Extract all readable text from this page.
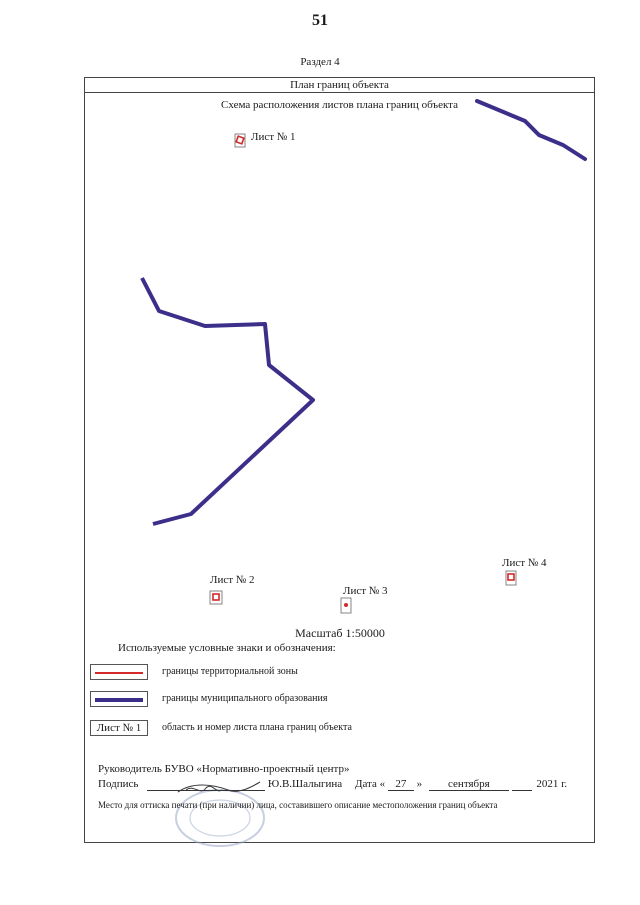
51
Раздел 4
План границ объекта
Схема расположения листов плана границ объекта
Лист № 1
Лист № 2
Лист № 3
Лист № 4
Масштаб 1:50000
Используемые условные знаки и обозначения:
границы территориальной зоны
границы муниципального образования
Лист № 1	область и номер листа плана границ объекта
Руководитель БУВО «Нормативно-проектный центр»
Подпись	Ю.В.Шалыгина Дата « 27 » сентября	2021 г.
Место для оттиска печати (при наличии) лица, составившего описание местоположения границ объекта
